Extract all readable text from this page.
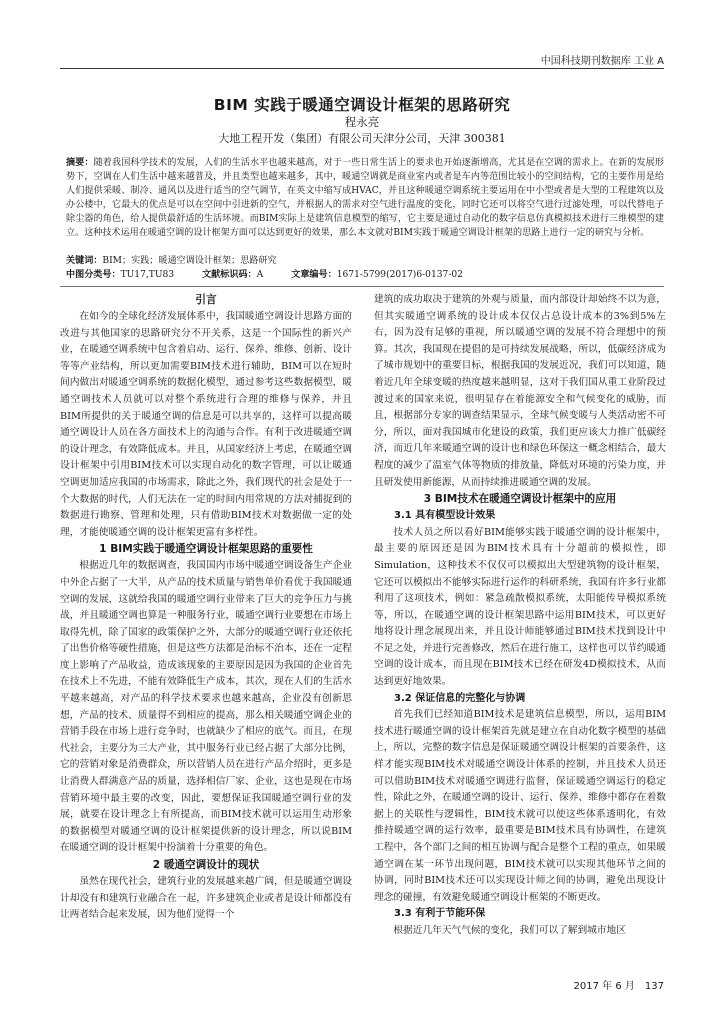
中国科技期刊数据库 工业 A
BIM 实践于暖通空调设计框架的思路研究
程永亮
大地工程开发（集团）有限公司天津分公司，天津 300381
摘要：随着我国科学技术的发展，人们的生活水平也越来越高，对于一些日常生活上的要求也开始逐渐增高，尤其是在空调的需求上。在新的发展形势下，空调在人们生活中越来越普及，并且类型也越来越多，其中，暖通空调就是商业室内或者是车内等范围比较小的空间结构，它的主要作用是给人们提供采暖、制冷、通风以及进行适当的空气调节，在英文中缩写成HVAC，并且这种暖通空调系统主要运用在中小型或者是大型的工程建筑以及办公楼中，它最大的优点是可以在空间中引进新的空气，并根据人的需求对空气进行温度的变化，同时它还可以将空气进行过滤处理，可以代替电子除尘器的角色，给人提供最舒适的生活环境。而BIM实际上是建筑信息模型的缩写，它主要是通过自动化的数字信息仿真模拟技术进行三维模型的建立。这种技术运用在暖通空调的设计框架方面可以达到更好的效果，那么本文就对BIM实践于暖通空调设计框架的思路上进行一定的研究与分析。
关键词：BIM；实践；暖通空调设计框架；思路研究
中图分类号：TU17,TU83	文献标识码：A	文章编号：1671-5799(2017)6-0137-02
引言

在如今的全球化经济发展体系中，我国暖通空调设计思路方面的改进与其他国家的思路研究分不开关系，这是一个国际性的新兴产业，在暖通空调系统中包含着启动、运行、保养、维修、创新、设计等等产业结构，所以更加需要BIM技术进行辅助，BIM可以在短时间内做出对暖通空调系统的数据化模型，通过参考这些数据模型，暖通空调技术人员就可以对整个系统进行合理的维修与保养，并且BIM所提供的关于暖通空调的信息是可以共享的，这样可以提高暖通空调设计人员在各方面技术上的沟通与合作。有利于改进暖通空调的设计理念，有效降低成本。并且，从国家经济上考虑，在暖通空调设计框架中引用BIM技术可以实现自动化的数字管理，可以让暖通空调更加适应我国的市场需求，除此之外，我们现代的社会是处于一个大数据的时代，人们无法在一定的时间内用常规的方法对捕捉到的数据进行勘察、管理和处理，只有借助BIM技术对数据做一定的处理，才能使暖通空调的设计框架更富有多样性。

1 BIM实践于暖通空调设计框架思路的重要性

根据近几年的数据调查，我国国内市场中暖通空调设备生产企业中外企占据了一大半，从产品的技术质量与销售单价看优于我国暖通空调的发展，这就给我国的暖通空调行业带来了巨大的竞争压力与挑战，并且暖通空调也算是一种服务行业，暖通空调行业要想在市场上取得先机，除了国家的政策保护之外，大部分的暖通空调行业还依托了出售价格等硬性措施，但是这些方法都是治标不治本，还在一定程度上影响了产品收益，造成该现象的主要原因是因为我国的企业首先在技术上不先进，不能有效降低生产成本，其次，现在人们的生活水平越来越高，对产品的科学技术要求也越来越高，企业没有创新思想，产品的技术、质量得不到相应的提高，那么相关暖通空调企业的营销手段在市场上进行竞争时，也就缺少了相应的底气。而且，在现代社会，主要分为三大产业，其中服务行业已经占据了大部分比例，它的营销对象是消费群众，所以营销人员在进行产品介绍时，更多是让消费人群满意产品的质量，选择相信厂家、企业，这也是现在市场营销环境中最主要的改变，因此，要想保证我国暖通空调行业的发展，就要在设计理念上有所提高，而BIM技术就可以运用生动形象的数据模型对暖通空调的设计框架提供新的设计理念，所以说BIM在暖通空调的设计框架中扮演着十分重要的角色。

2 暖通空调设计的现状

虽然在现代社会，建筑行业的发展越来越广阔，但是暖通空调设计却没有和建筑行业融合在一起，许多建筑企业或者是设计师都没有让两者结合起来发展，因为他们觉得一个

建筑的成功取决于建筑的外观与质量，而内部设计却始终不以为意，但其实暖通空调系统的设计成本仅仅占总设计成本的3%到5%左右，因为没有足够的重视，所以暖通空调的发展不符合理想中的预算。其次，我国现在提倡的是可持续发展战略，所以，低碳经济成为了城市规划中的重要目标，根据我国的发展近况，我们可以知道，随着近几年全球变暖的热度越来越明显，这对于我们国从重工业阶段过渡过来的国家来说，很明显存在着能源安全和气候变化的威胁，而且，根据部分专家的调查结果显示，全球气候变暖与人类活动密不可分，所以，面对我国城市化建设的政策，我们更应该大力推广低碳经济，而近几年来暖通空调的设计也和绿色环保这一概念相结合，最大程度的减少了温室气体等物质的排放量，降低对环境的污染力度，并且研发使用新能源，从而持续推进暖通空调的发展。

3 BIM技术在暖通空调设计框架中的应用
3.1 具有模型设计效果

技术人员之所以看好BIM能够实践于暖通空调的设计框架中，最主要的原因还是因为BIM技术具有十分超前的模拟性，即Simulation，这种技术不仅仅可以模拟出大型建筑物的设计框架，它还可以模拟出不能够实际进行运作的科研系统，我国有许多行业都利用了这项技术，例如：紧急疏散模拟系统，太阳能传导模拟系统等，所以，在暖通空调的设计框架思路中运用BIM技术，可以更好地将设计理念展现出来，并且设计师能够通过BIM技术找到设计中不足之处，并进行完善修改，然后在进行施工，这样也可以节约暖通空调的设计成本，而且现在BIM技术已经在研发4D模拟技术，从而达到更好地效果。

3.2 保证信息的完整化与协调

首先我们已经知道BIM技术是建筑信息模型，所以，运用BIM技术进行暖通空调的设计框架首先就是建立在自动化数字模型的基础上，所以，完整的数字信息是保证暖通空调设计框架的首要条件，这样才能实现BIM技术对暖通空调设计体系的控制，并且技术人员还可以借助BIM技术对暖通空调进行监督，保证暖通空调运行的稳定性，除此之外，在暖通空调的设计、运行、保养、维修中都存在着数据上的关联性与逻辑性，BIM技术就可以使这些体系透明化，有效推持暖通空调的运行效率，最重要是BIM技术具有协调性，在建筑工程中，各个部门之间的相互协调与配合是整个工程的重点，如果暖通空调在某一环节出现问题，BIM技术就可以实现其他环节之间的协调，同时BIM技术还可以实现设计师之间的协调，避免出现设计理念的碰撞，有效避免暖通空调设计框架的不断更改。

3.3 有利于节能环保

根据近几年天气气候的变化，我们可以了解到城市地区

2017 年 6 月 137
